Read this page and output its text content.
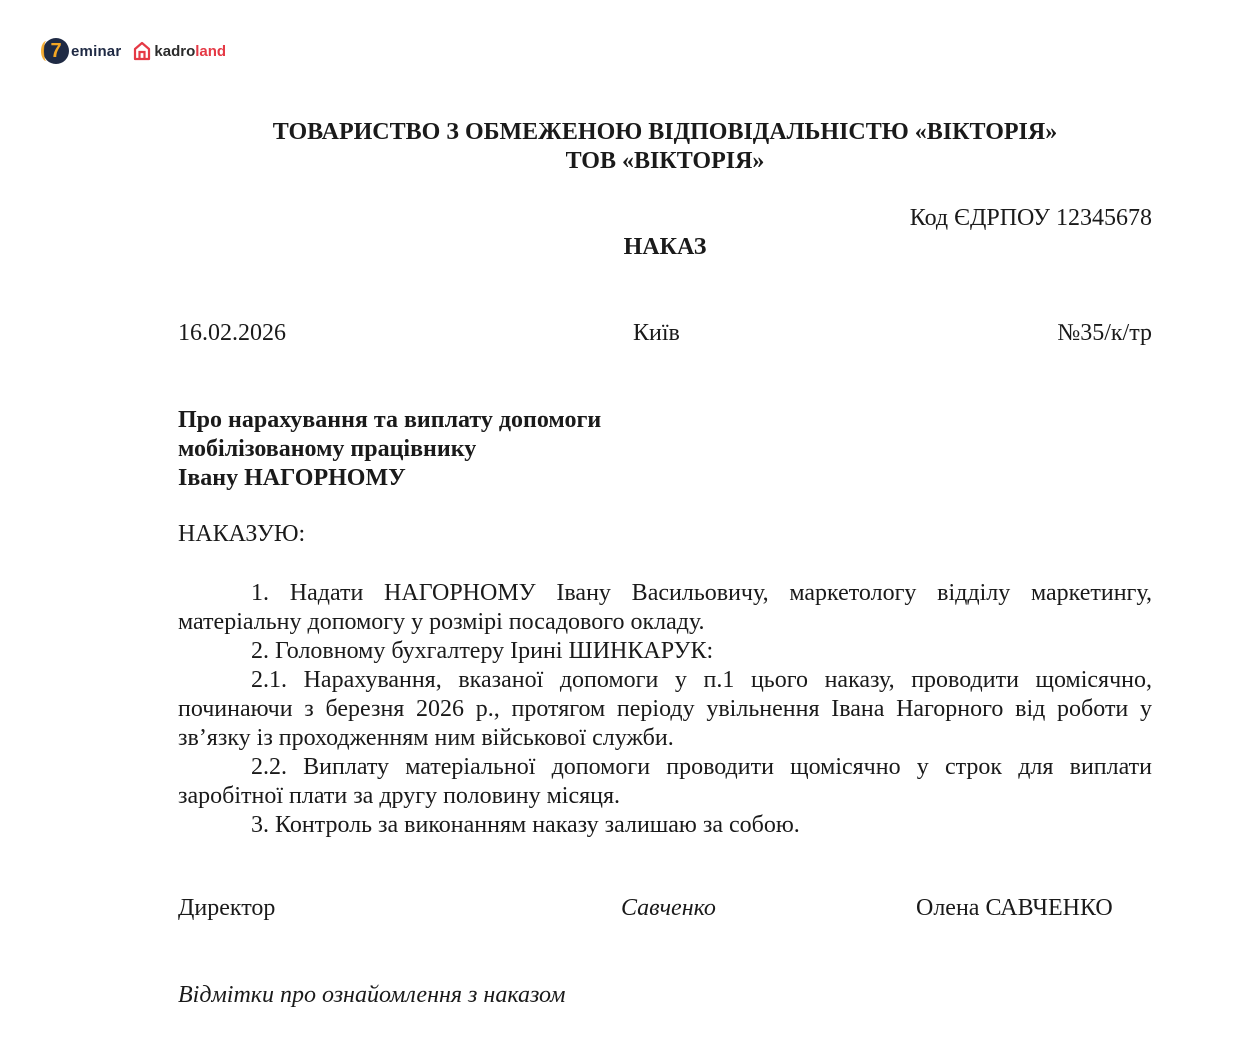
7 eminar kadroland
ТОВАРИСТВО З ОБМЕЖЕНОЮ ВІДПОВІДАЛЬНІСТЮ «ВІКТОРІЯ»
ТОВ «ВІКТОРІЯ»
Код ЄДРПОУ 12345678
НАКАЗ
16.02.2026	Київ	№35/к/тр
Про нарахування та виплату допомоги
мобілізованому працівнику
Івану НАГОРНОМУ
НАКАЗУЮ:

1. Надати НАГОРНОМУ Івану Васильовичу, маркетологу відділу маркетингу, матеріальну допомогу у розмірі посадового окладу.

2. Головному бухгалтеру Ірині ШИНКАРУК:

2.1. Нарахування, вказаної допомоги у п.1 цього наказу, проводити щомісячно, починаючи з березня 2026 р., протягом періоду увільнення Івана Нагорного від роботи у зв’язку із проходженням ним військової служби.

2.2. Виплату матеріальної допомоги проводити щомісячно у строк для виплати заробітної плати за другу половину місяця.

3. Контроль за виконанням наказу залишаю за собою.

Директор	Савченко	Олена САВЧЕНКО
Відмітки про ознайомлення з наказом
